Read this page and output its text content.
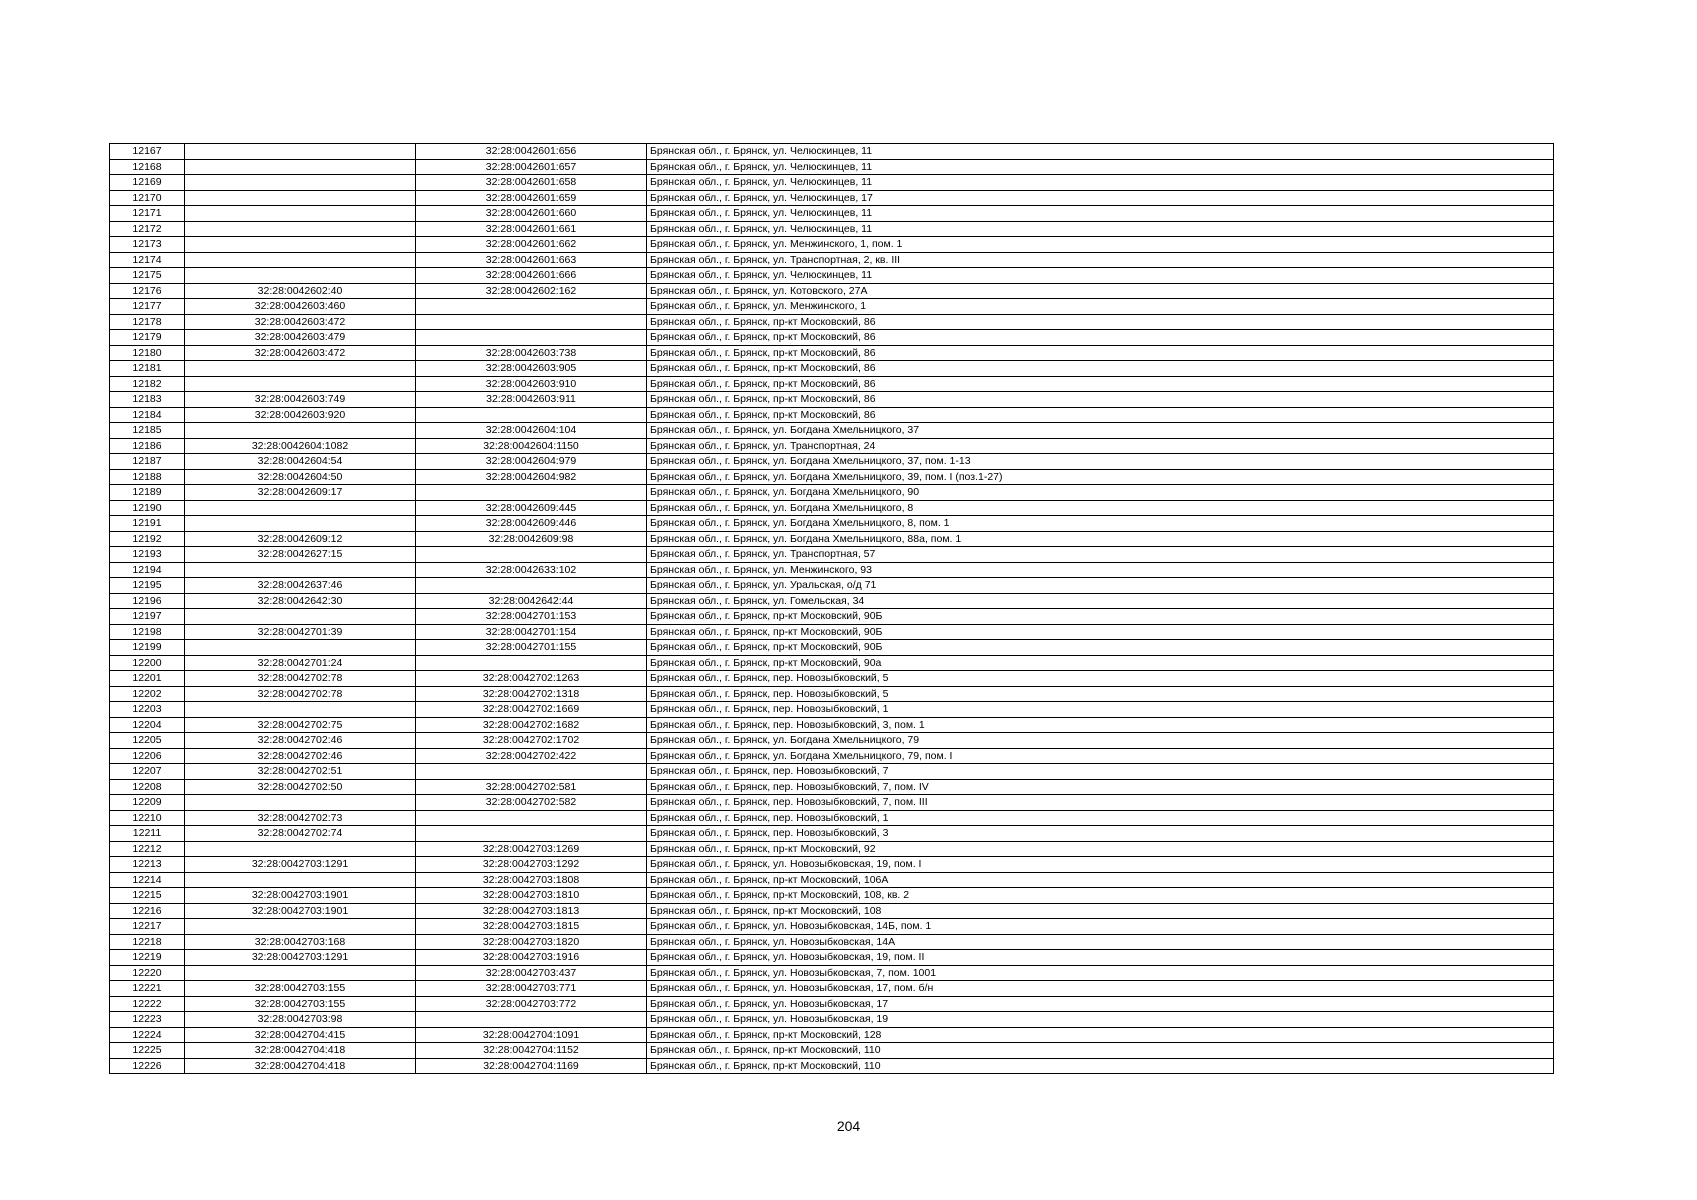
12167		32:28:0042601:656	Брянская обл., г. Брянск, ул. Челюскинцев, 11
12168		32:28:0042601:657	Брянская обл., г. Брянск, ул. Челюскинцев, 11
12169		32:28:0042601:658	Брянская обл., г. Брянск, ул. Челюскинцев, 11
12170		32:28:0042601:659	Брянская обл., г. Брянск, ул. Челюскинцев, 17
12171		32:28:0042601:660	Брянская обл., г. Брянск, ул. Челюскинцев, 11
12172		32:28:0042601:661	Брянская обл., г. Брянск, ул. Челюскинцев, 11
12173		32:28:0042601:662	Брянская обл., г. Брянск, ул. Менжинского, 1, пом. 1
12174		32:28:0042601:663	Брянская обл., г. Брянск, ул. Транспортная, 2, кв. III
12175		32:28:0042601:666	Брянская обл., г. Брянск, ул. Челюскинцев, 11
12176	32:28:0042602:40	32:28:0042602:162	Брянская обл., г. Брянск, ул. Котовского, 27А
12177	32:28:0042603:460		Брянская обл., г. Брянск, ул. Менжинского, 1
12178	32:28:0042603:472		Брянская обл., г. Брянск, пр-кт Московский, 86
12179	32:28:0042603:479		Брянская обл., г. Брянск, пр-кт Московский, 86
12180	32:28:0042603:472	32:28:0042603:738	Брянская обл., г. Брянск, пр-кт Московский, 86
12181		32:28:0042603:905	Брянская обл., г. Брянск, пр-кт Московский, 86
12182		32:28:0042603:910	Брянская обл., г. Брянск, пр-кт Московский, 86
12183	32:28:0042603:749	32:28:0042603:911	Брянская обл., г. Брянск, пр-кт Московский, 86
12184	32:28:0042603:920		Брянская обл., г. Брянск, пр-кт Московский, 86
12185		32:28:0042604:104	Брянская обл., г. Брянск, ул. Богдана Хмельницкого, 37
12186	32:28:0042604:1082	32:28:0042604:1150	Брянская обл., г. Брянск, ул. Транспортная, 24
12187	32:28:0042604:54	32:28:0042604:979	Брянская обл., г. Брянск, ул. Богдана Хмельницкого, 37, пом. 1-13
12188	32:28:0042604:50	32:28:0042604:982	Брянская обл., г. Брянск, ул. Богдана Хмельницкого, 39, пом. I (поз.1-27)
12189	32:28:0042609:17		Брянская обл., г. Брянск, ул. Богдана Хмельницкого, 90
12190		32:28:0042609:445	Брянская обл., г. Брянск, ул. Богдана Хмельницкого, 8
12191		32:28:0042609:446	Брянская обл., г. Брянск, ул. Богдана Хмельницкого, 8, пом. 1
12192	32:28:0042609:12	32:28:0042609:98	Брянская обл., г. Брянск, ул. Богдана Хмельницкого, 88а, пом. 1
12193	32:28:0042627:15		Брянская обл., г. Брянск, ул. Транспортная, 57
12194		32:28:0042633:102	Брянская обл., г. Брянск, ул. Менжинского, 93
12195	32:28:0042637:46		Брянская обл., г. Брянск, ул. Уральская, о/д 71
12196	32:28:0042642:30	32:28:0042642:44	Брянская обл., г. Брянск, ул. Гомельская, 34
12197		32:28:0042701:153	Брянская обл., г. Брянск, пр-кт Московский, 90Б
12198	32:28:0042701:39	32:28:0042701:154	Брянская обл., г. Брянск, пр-кт Московский, 90Б
12199		32:28:0042701:155	Брянская обл., г. Брянск, пр-кт Московский, 90Б
12200	32:28:0042701:24		Брянская обл., г. Брянск, пр-кт Московский, 90а
12201	32:28:0042702:78	32:28:0042702:1263	Брянская обл., г. Брянск, пер. Новозыбковский, 5
12202	32:28:0042702:78	32:28:0042702:1318	Брянская обл., г. Брянск, пер. Новозыбковский, 5
12203		32:28:0042702:1669	Брянская обл., г. Брянск, пер. Новозыбковский, 1
12204	32:28:0042702:75	32:28:0042702:1682	Брянская обл., г. Брянск, пер. Новозыбковский, 3, пом. 1
12205	32:28:0042702:46	32:28:0042702:1702	Брянская обл., г. Брянск, ул. Богдана Хмельницкого, 79
12206	32:28:0042702:46	32:28:0042702:422	Брянская обл., г. Брянск, ул. Богдана Хмельницкого, 79, пом. I
12207	32:28:0042702:51		Брянская обл., г. Брянск, пер. Новозыбковский, 7
12208	32:28:0042702:50	32:28:0042702:581	Брянская обл., г. Брянск, пер. Новозыбковский, 7, пом. IV
12209		32:28:0042702:582	Брянская обл., г. Брянск, пер. Новозыбковский, 7, пом. III
12210	32:28:0042702:73		Брянская обл., г. Брянск, пер. Новозыбковский, 1
12211	32:28:0042702:74		Брянская обл., г. Брянск, пер. Новозыбковский, 3
12212		32:28:0042703:1269	Брянская обл., г. Брянск, пр-кт Московский, 92
12213	32:28:0042703:1291	32:28:0042703:1292	Брянская обл., г. Брянск, ул. Новозыбковская, 19, пом. I
12214		32:28:0042703:1808	Брянская обл., г. Брянск, пр-кт Московский, 106А
12215	32:28:0042703:1901	32:28:0042703:1810	Брянская обл., г. Брянск, пр-кт Московский, 108, кв. 2
12216	32:28:0042703:1901	32:28:0042703:1813	Брянская обл., г. Брянск, пр-кт Московский, 108
12217		32:28:0042703:1815	Брянская обл., г. Брянск, ул. Новозыбковская, 14Б, пом. 1
12218	32:28:0042703:168	32:28:0042703:1820	Брянская обл., г. Брянск, ул. Новозыбковская, 14А
12219	32:28:0042703:1291	32:28:0042703:1916	Брянская обл., г. Брянск, ул. Новозыбковская, 19, пом. II
12220		32:28:0042703:437	Брянская обл., г. Брянск, ул. Новозыбковская, 7, пом. 1001
12221	32:28:0042703:155	32:28:0042703:771	Брянская обл., г. Брянск, ул. Новозыбковская, 17, пом. б/н
12222	32:28:0042703:155	32:28:0042703:772	Брянская обл., г. Брянск, ул. Новозыбковская, 17
12223	32:28:0042703:98		Брянская обл., г. Брянск, ул. Новозыбковская, 19
12224	32:28:0042704:415	32:28:0042704:1091	Брянская обл., г. Брянск, пр-кт Московский, 128
12225	32:28:0042704:418	32:28:0042704:1152	Брянская обл., г. Брянск, пр-кт Московский, 110
12226	32:28:0042704:418	32:28:0042704:1169	Брянская обл., г. Брянск, пр-кт Московский, 110
204
